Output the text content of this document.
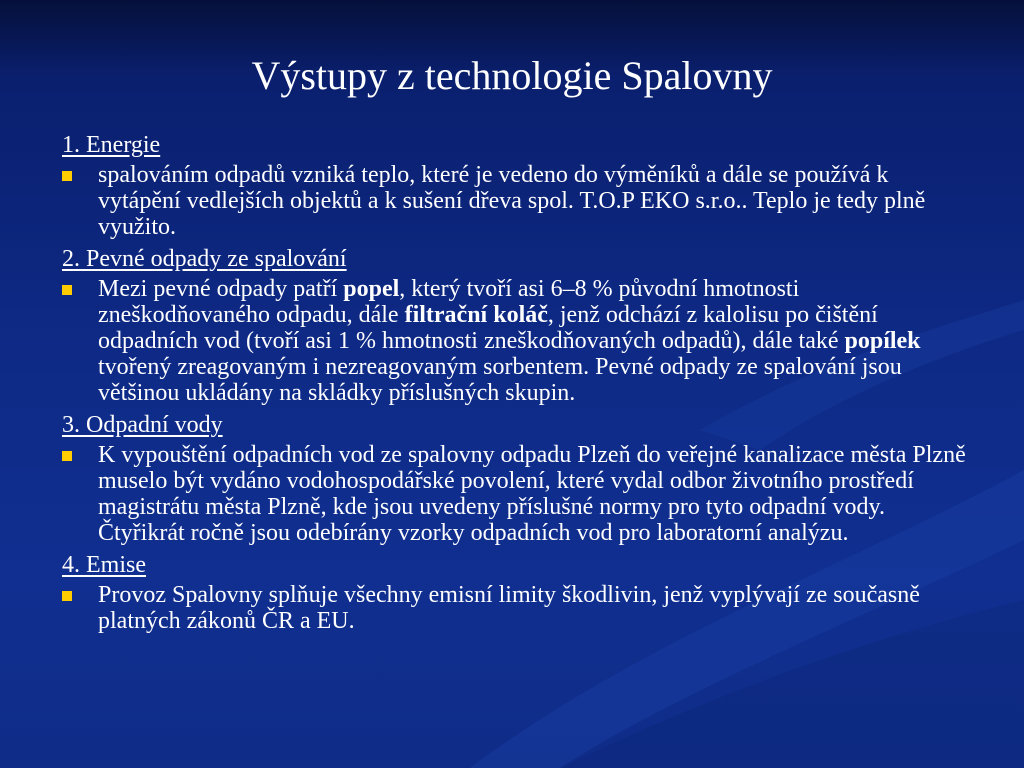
Výstupy z technologie Spalovny
1. Energie
spalováním odpadů vzniká teplo, které je vedeno do výměníků a dále se používá k vytápění vedlejších objektů a k sušení dřeva spol. T.O.P EKO s.r.o.. Teplo je tedy plně využito.
2. Pevné odpady ze spalování
Mezi pevné odpady patří popel, který tvoří asi 6–8 % původní hmotnosti zneškodňovaného odpadu, dále filtrační koláč, jenž odchází z kalolisu po čištění odpadních vod (tvoří asi 1 % hmotnosti zneškodňovaných odpadů), dále také popílek tvořený zreagovaným i nezreagovaným sorbentem. Pevné odpady ze spalování jsou většinou ukládány na skládky příslušných skupin.
3. Odpadní vody
K vypouštění odpadních vod ze spalovny odpadu Plzeň do veřejné kanalizace města Plzně muselo být vydáno vodohospodářské povolení, které vydal odbor životního prostředí magistrátu města Plzně, kde jsou uvedeny příslušné normy pro tyto odpadní vody. Čtyřikrát ročně jsou odebírány vzorky odpadních vod pro laboratorní analýzu.
4. Emise
Provoz Spalovny splňuje všechny emisní limity škodlivin, jenž vyplývají ze současně platných zákonů ČR a EU.
